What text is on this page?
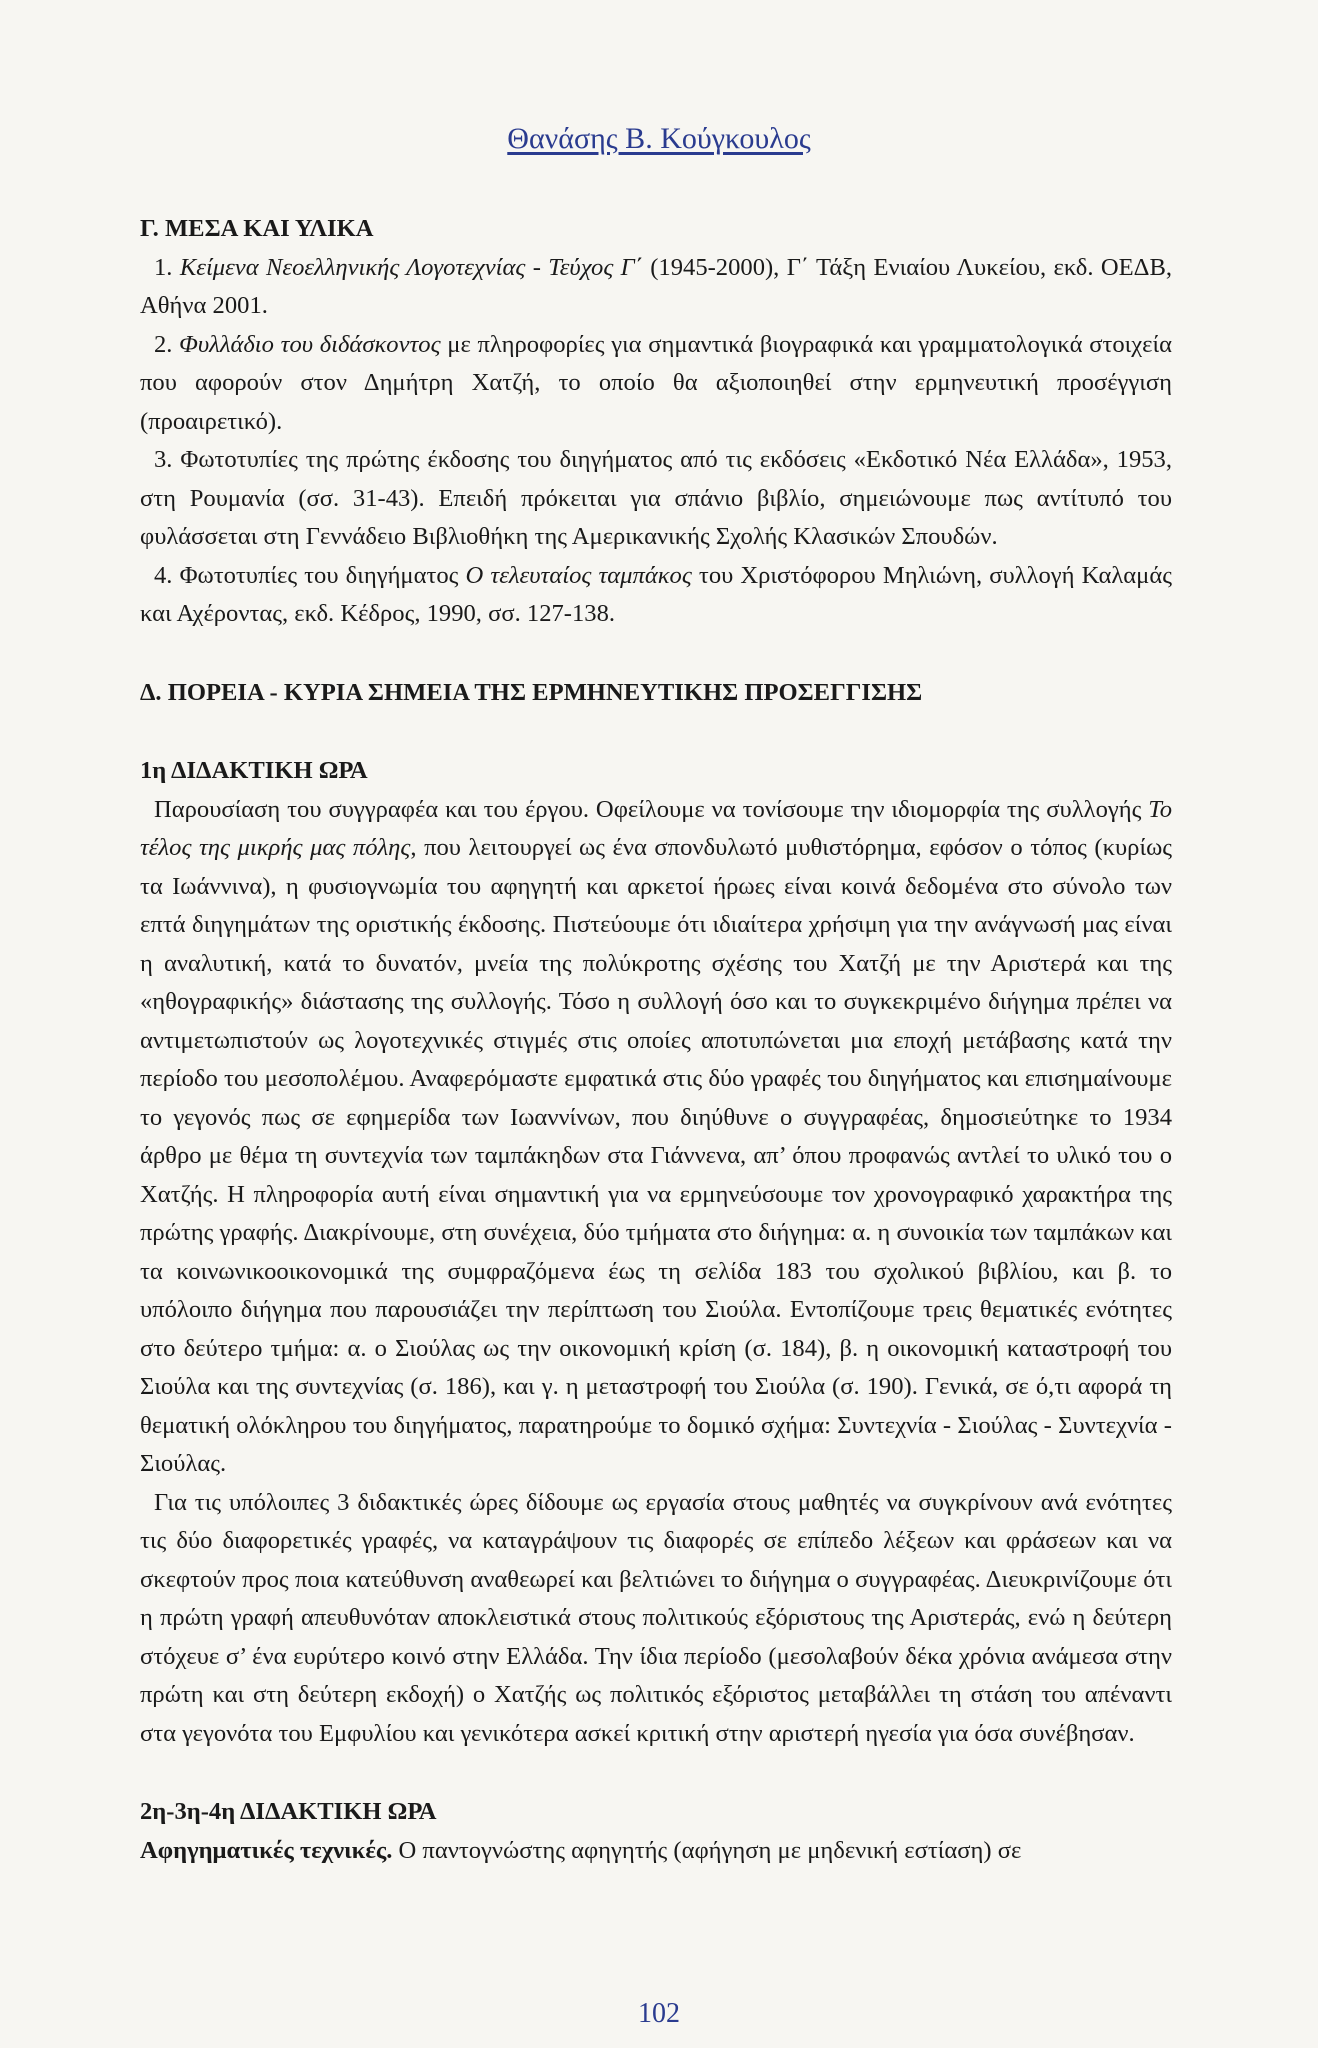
Θανάσης Β. Κούγκουλος

Γ. ΜΕΣΑ ΚΑΙ ΥΛΙΚΑ

1. Κείμενα Νεοελληνικής Λογοτεχνίας - Τεύχος Γ΄ (1945-2000), Γ΄ Τάξη Ενιαίου Λυκείου, εκδ. ΟΕΔΒ, Αθήνα 2001.

2. Φυλλάδιο του διδάσκοντος με πληροφορίες για σημαντικά βιογραφικά και γραμματολογικά στοιχεία που αφορούν στον Δημήτρη Χατζή, το οποίο θα αξιοποιηθεί στην ερμηνευτική προσέγγιση (προαιρετικό).

3. Φωτοτυπίες της πρώτης έκδοσης του διηγήματος από τις εκδόσεις «Εκδοτικό Νέα Ελλάδα», 1953, στη Ρουμανία (σσ. 31-43). Επειδή πρόκειται για σπάνιο βιβλίο, σημειώνουμε πως αντίτυπό του φυλάσσεται στη Γεννάδειο Βιβλιοθήκη της Αμερικανικής Σχολής Κλασικών Σπουδών.

4. Φωτοτυπίες του διηγήματος Ο τελευταίος ταμπάκος του Χριστόφορου Μηλιώνη, συλλογή Καλαμάς και Αχέροντας, εκδ. Κέδρος, 1990, σσ. 127-138.

Δ. ΠΟΡΕΙΑ - ΚΥΡΙΑ ΣΗΜΕΙΑ ΤΗΣ ΕΡΜΗΝΕΥΤΙΚΗΣ ΠΡΟΣΕΓΓΙΣΗΣ

1η ΔΙΔΑΚΤΙΚΗ ΩΡΑ

Παρουσίαση του συγγραφέα και του έργου. Οφείλουμε να τονίσουμε την ιδιομορφία της συλλογής Το τέλος της μικρής μας πόλης, που λειτουργεί ως ένα σπονδυλωτό μυθιστόρημα, εφόσον ο τόπος (κυρίως τα Ιωάννινα), η φυσιογνωμία του αφηγητή και αρκετοί ήρωες είναι κοινά δεδομένα στο σύνολο των επτά διηγημάτων της οριστικής έκδοσης. Πιστεύουμε ότι ιδιαίτερα χρήσιμη για την ανάγνωσή μας είναι η αναλυτική, κατά το δυνατόν, μνεία της πολύκροτης σχέσης του Χατζή με την Αριστερά και της «ηθογραφικής» διάστασης της συλλογής. Τόσο η συλλογή όσο και το συγκεκριμένο διήγημα πρέπει να αντιμετωπιστούν ως λογοτεχνικές στιγμές στις οποίες αποτυπώνεται μια εποχή μετάβασης κατά την περίοδο του μεσοπολέμου. Αναφερόμαστε εμφατικά στις δύο γραφές του διηγήματος και επισημαίνουμε το γεγονός πως σε εφημερίδα των Ιωαννίνων, που διηύθυνε ο συγγραφέας, δημοσιεύτηκε το 1934 άρθρο με θέμα τη συντεχνία των ταμπάκηδων στα Γιάννενα, απ’ όπου προφανώς αντλεί το υλικό του ο Χατζής. Η πληροφορία αυτή είναι σημαντική για να ερμηνεύσουμε τον χρονογραφικό χαρακτήρα της πρώτης γραφής. Διακρίνουμε, στη συνέχεια, δύο τμήματα στο διήγημα: α. η συνοικία των ταμπάκων και τα κοινωνικοοικονομικά της συμφραζόμενα έως τη σελίδα 183 του σχολικού βιβλίου, και β. το υπόλοιπο διήγημα που παρουσιάζει την περίπτωση του Σιούλα. Εντοπίζουμε τρεις θεματικές ενότητες στο δεύτερο τμήμα: α. ο Σιούλας ως την οικονομική κρίση (σ. 184), β. η οικονομική καταστροφή του Σιούλα και της συντεχνίας (σ. 186), και γ. η μεταστροφή του Σιούλα (σ. 190). Γενικά, σε ό,τι αφορά τη θεματική ολόκληρου του διηγήματος, παρατηρούμε το δομικό σχήμα: Συντεχνία - Σιούλας - Συντεχνία - Σιούλας.

Για τις υπόλοιπες 3 διδακτικές ώρες δίδουμε ως εργασία στους μαθητές να συγκρίνουν ανά ενότητες τις δύο διαφορετικές γραφές, να καταγράψουν τις διαφορές σε επίπεδο λέξεων και φράσεων και να σκεφτούν προς ποια κατεύθυνση αναθεωρεί και βελτιώνει το διήγημα ο συγγραφέας. Διευκρινίζουμε ότι η πρώτη γραφή απευθυνόταν αποκλειστικά στους πολιτικούς εξόριστους της Αριστεράς, ενώ η δεύτερη στόχευε σ’ ένα ευρύτερο κοινό στην Ελλάδα. Την ίδια περίοδο (μεσολαβούν δέκα χρόνια ανάμεσα στην πρώτη και στη δεύτερη εκδοχή) ο Χατζής ως πολιτικός εξόριστος μεταβάλλει τη στάση του απέναντι στα γεγονότα του Εμφυλίου και γενικότερα ασκεί κριτική στην αριστερή ηγεσία για όσα συνέβησαν.

2η-3η-4η ΔΙΔΑΚΤΙΚΗ ΩΡΑ

Αφηγηματικές τεχνικές. Ο παντογνώστης αφηγητής (αφήγηση με μηδενική εστίαση) σε

102
